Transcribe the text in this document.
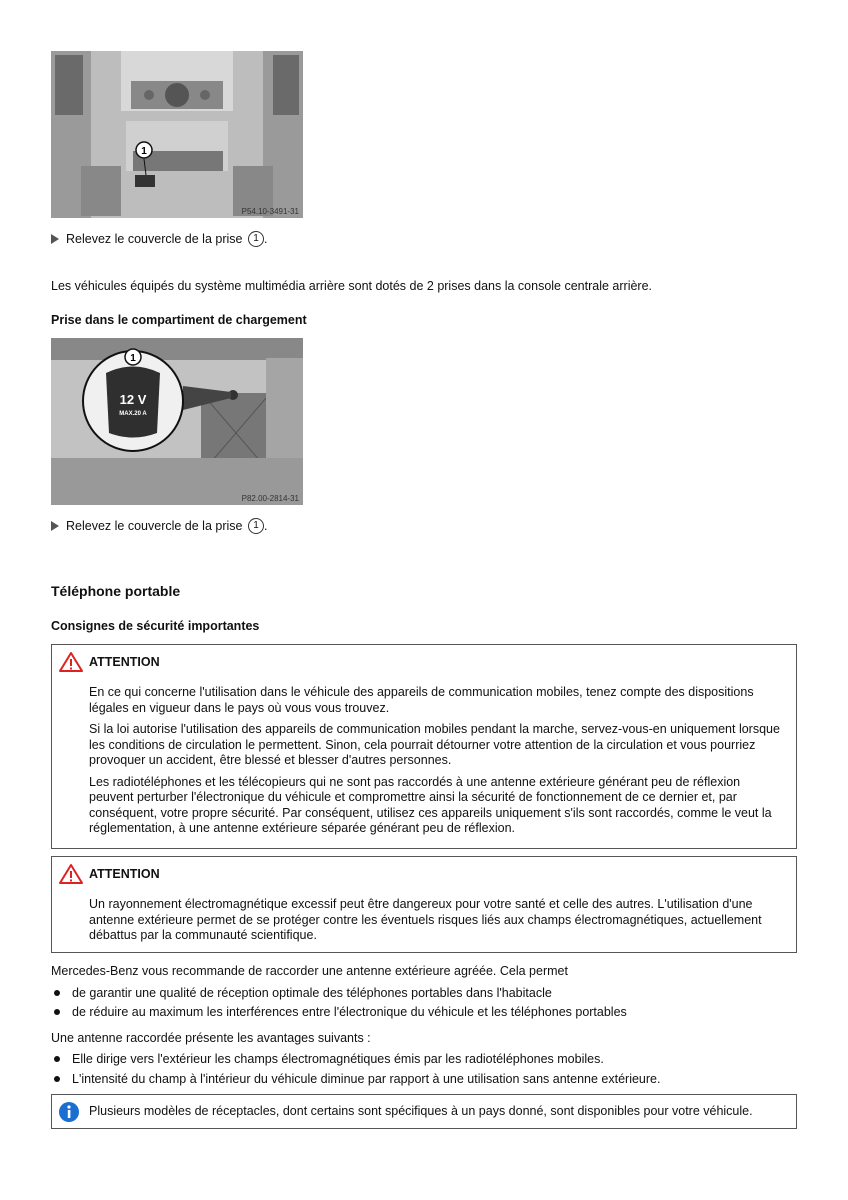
1
P54.10-3491-31
Relevez le couvercle de la prise 1 .
Les véhicules équipés du système multimédia arrière sont dotés de 2 prises dans la console centrale arrière.
Prise dans le compartiment de chargement
12 V
MAX.20 A
1
P82.00-2814-31
Relevez le couvercle de la prise 1 .
Téléphone portable
Consignes de sécurité importantes
ATTENTION

En ce qui concerne l'utilisation dans le véhicule des appareils de communication mobiles, tenez compte des dispositions légales en vigueur dans le pays où vous vous trouvez.

Si la loi autorise l'utilisation des appareils de communication mobiles pendant la marche, servez-vous-en uniquement lorsque les conditions de circulation le permettent. Sinon, cela pourrait détourner votre attention de la circulation et vous pourriez provoquer un accident, être blessé et blesser d'autres personnes.

Les radiotéléphones et les télécopieurs qui ne sont pas raccordés à une antenne extérieure générant peu de réflexion peuvent perturber l'électronique du véhicule et compromettre ainsi la sécurité de fonctionnement de ce dernier et, par conséquent, votre propre sécurité. Par conséquent, utilisez ces appareils uniquement s'ils sont raccordés, comme le veut la réglementation, à une antenne extérieure séparée générant peu de réflexion.

ATTENTION

Un rayonnement électromagnétique excessif peut être dangereux pour votre santé et celle des autres. L'utilisation d'une antenne extérieure permet de se protéger contre les éventuels risques liés aux champs électromagnétiques, actuellement débattus par la communauté scientifique.

Mercedes-Benz vous recommande de raccorder une antenne extérieure agréée. Cela permet
de garantir une qualité de réception optimale des téléphones portables dans l'habitacle
de réduire au maximum les interférences entre l'électronique du véhicule et les téléphones portables
Une antenne raccordée présente les avantages suivants :
Elle dirige vers l'extérieur les champs électromagnétiques émis par les radiotéléphones mobiles.
L'intensité du champ à l'intérieur du véhicule diminue par rapport à une utilisation sans antenne extérieure.
Plusieurs modèles de réceptacles, dont certains sont spécifiques à un pays donné, sont disponibles pour votre véhicule.
